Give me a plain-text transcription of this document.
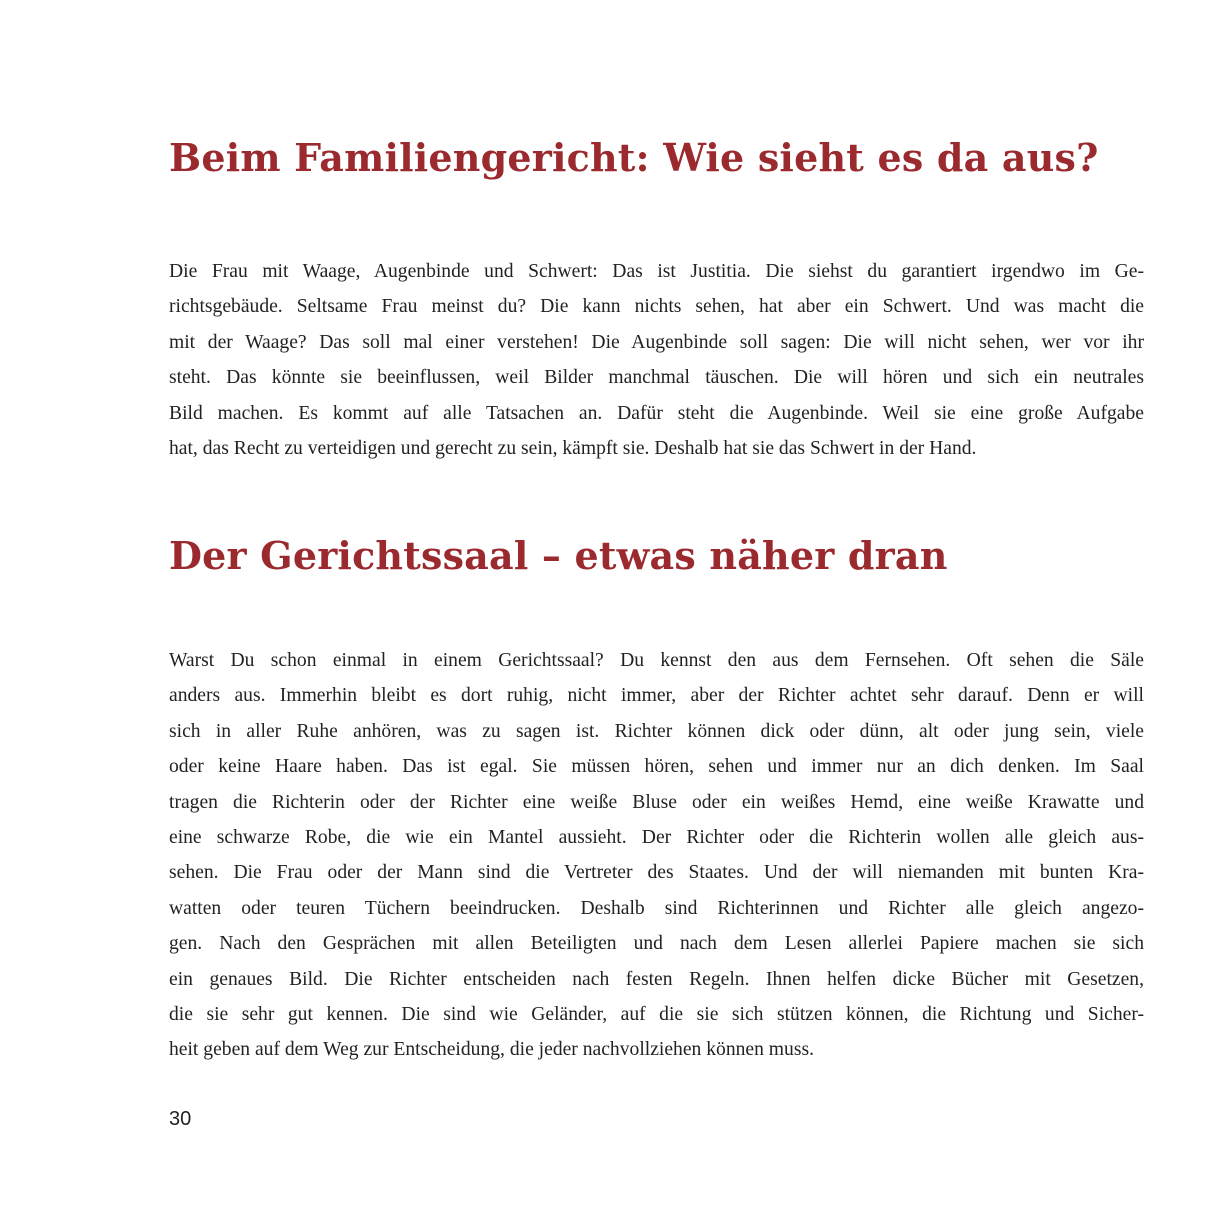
Beim Familiengericht: Wie sieht es da aus?
Die Frau mit Waage, Augenbinde und Schwert: Das ist Justitia. Die siehst du garantiert irgendwo im Ge-
richtsgebäude. Seltsame Frau meinst du? Die kann nichts sehen, hat aber ein Schwert. Und was macht die
mit der Waage? Das soll mal einer verstehen! Die Augenbinde soll sagen: Die will nicht sehen, wer vor ihr
steht. Das könnte sie beeinflussen, weil Bilder manchmal täuschen. Die will hören und sich ein neutrales
Bild machen. Es kommt auf alle Tatsachen an. Dafür steht die Augenbinde. Weil sie eine große Aufgabe
hat, das Recht zu verteidigen und gerecht zu sein, kämpft sie. Deshalb hat sie das Schwert in der Hand.
Der Gerichtssaal – etwas näher dran
Warst Du schon einmal in einem Gerichtssaal? Du kennst den aus dem Fernsehen. Oft sehen die Säle
anders aus. Immerhin bleibt es dort ruhig, nicht immer, aber der Richter achtet sehr darauf. Denn er will
sich in aller Ruhe anhören, was zu sagen ist. Richter können dick oder dünn, alt oder jung sein, viele
oder keine Haare haben. Das ist egal. Sie müssen hören, sehen und immer nur an dich denken. Im Saal
tragen die Richterin oder der Richter eine weiße Bluse oder ein weißes Hemd, eine weiße Krawatte und
eine schwarze Robe, die wie ein Mantel aussieht. Der Richter oder die Richterin wollen alle gleich aus-
sehen. Die Frau oder der Mann sind die Vertreter des Staates. Und der will niemanden mit bunten Kra-
watten oder teuren Tüchern beeindrucken. Deshalb sind Richterinnen und Richter alle gleich angezo-
gen. Nach den Gesprächen mit allen Beteiligten und nach dem Lesen allerlei Papiere machen sie sich
ein genaues Bild. Die Richter entscheiden nach festen Regeln. Ihnen helfen dicke Bücher mit Gesetzen,
die sie sehr gut kennen. Die sind wie Geländer, auf die sie sich stützen können, die Richtung und Sicher-
heit geben auf dem Weg zur Entscheidung, die jeder nachvollziehen können muss.
30
